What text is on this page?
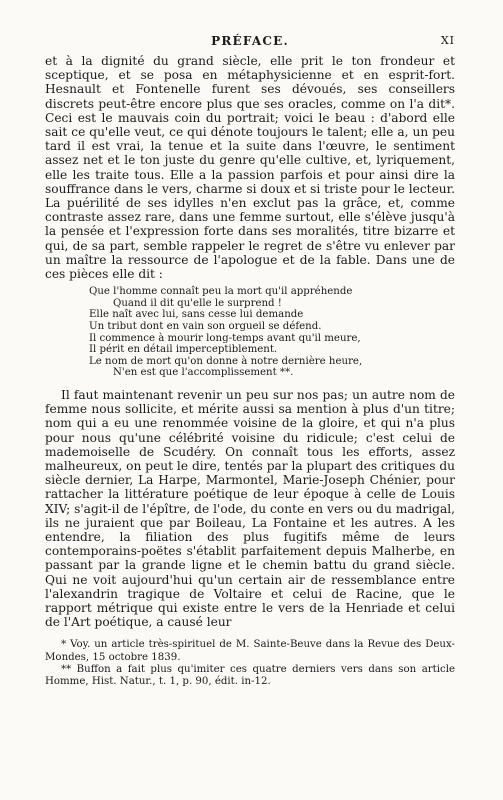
PRÉFACE.	XI

et à la dignité du grand siècle, elle prit le ton frondeur et sceptique, et se posa en métaphysicienne et en esprit-fort. Hesnault et Fontenelle furent ses dévoués, ses conseillers discrets peut-être encore plus que ses oracles, comme on l'a dit*. Ceci est le mauvais coin du portrait; voici le beau : d'abord elle sait ce qu'elle veut, ce qui dénote toujours le talent; elle a, un peu tard il est vrai, la tenue et la suite dans l'œuvre, le sentiment assez net et le ton juste du genre qu'elle cultive, et, lyriquement, elle les traite tous. Elle a la passion parfois et pour ainsi dire la souffrance dans le vers, charme si doux et si triste pour le lecteur. La puérilité de ses idylles n'en exclut pas la grâce, et, comme contraste assez rare, dans une femme surtout, elle s'élève jusqu'à la pensée et l'expression forte dans ses moralités, titre bizarre et qui, de sa part, semble rappeler le regret de s'être vu enlever par un maître la ressource de l'apologue et de la fable. Dans une de ces pièces elle dit :

Que l'homme connaît peu la mort qu'il appréhende
Quand il dit qu'elle le surprend !
Elle naît avec lui, sans cesse lui demande
Un tribut dont en vain son orgueil se défend.
Il commence à mourir long-temps avant qu'il meure,
Il périt en détail imperceptiblement.
Le nom de mort qu'on donne à notre dernière heure,
N'en est que l'accomplissement **.

Il faut maintenant revenir un peu sur nos pas; un autre nom de femme nous sollicite, et mérite aussi sa mention à plus d'un titre; nom qui a eu une renommée voisine de la gloire, et qui n'a plus pour nous qu'une célébrité voisine du ridicule; c'est celui de mademoiselle de Scudéry. On connaît tous les efforts, assez malheureux, on peut le dire, tentés par la plupart des critiques du siècle dernier, La Harpe, Marmontel, Marie-Joseph Chénier, pour rattacher la littérature poétique de leur époque à celle de Louis XIV; s'agit-il de l'épître, de l'ode, du conte en vers ou du madrigal, ils ne juraient que par Boileau, La Fontaine et les autres. A les entendre, la filiation des plus fugitifs même de leurs contemporains-poëtes s'établit parfaitement depuis Malherbe, en passant par la grande ligne et le chemin battu du grand siècle. Qui ne voit aujourd'hui qu'un certain air de ressemblance entre l'alexandrin tragique de Voltaire et celui de Racine, que le rapport métrique qui existe entre le vers de la Henriade et celui de l'Art poétique, a causé leur

* Voy. un article très-spirituel de M. Sainte-Beuve dans la Revue des Deux-Mondes, 15 octobre 1839.

** Buffon a fait plus qu'imiter ces quatre derniers vers dans son article Homme, Hist. Natur., t. 1, p. 90, édit. in-12.
